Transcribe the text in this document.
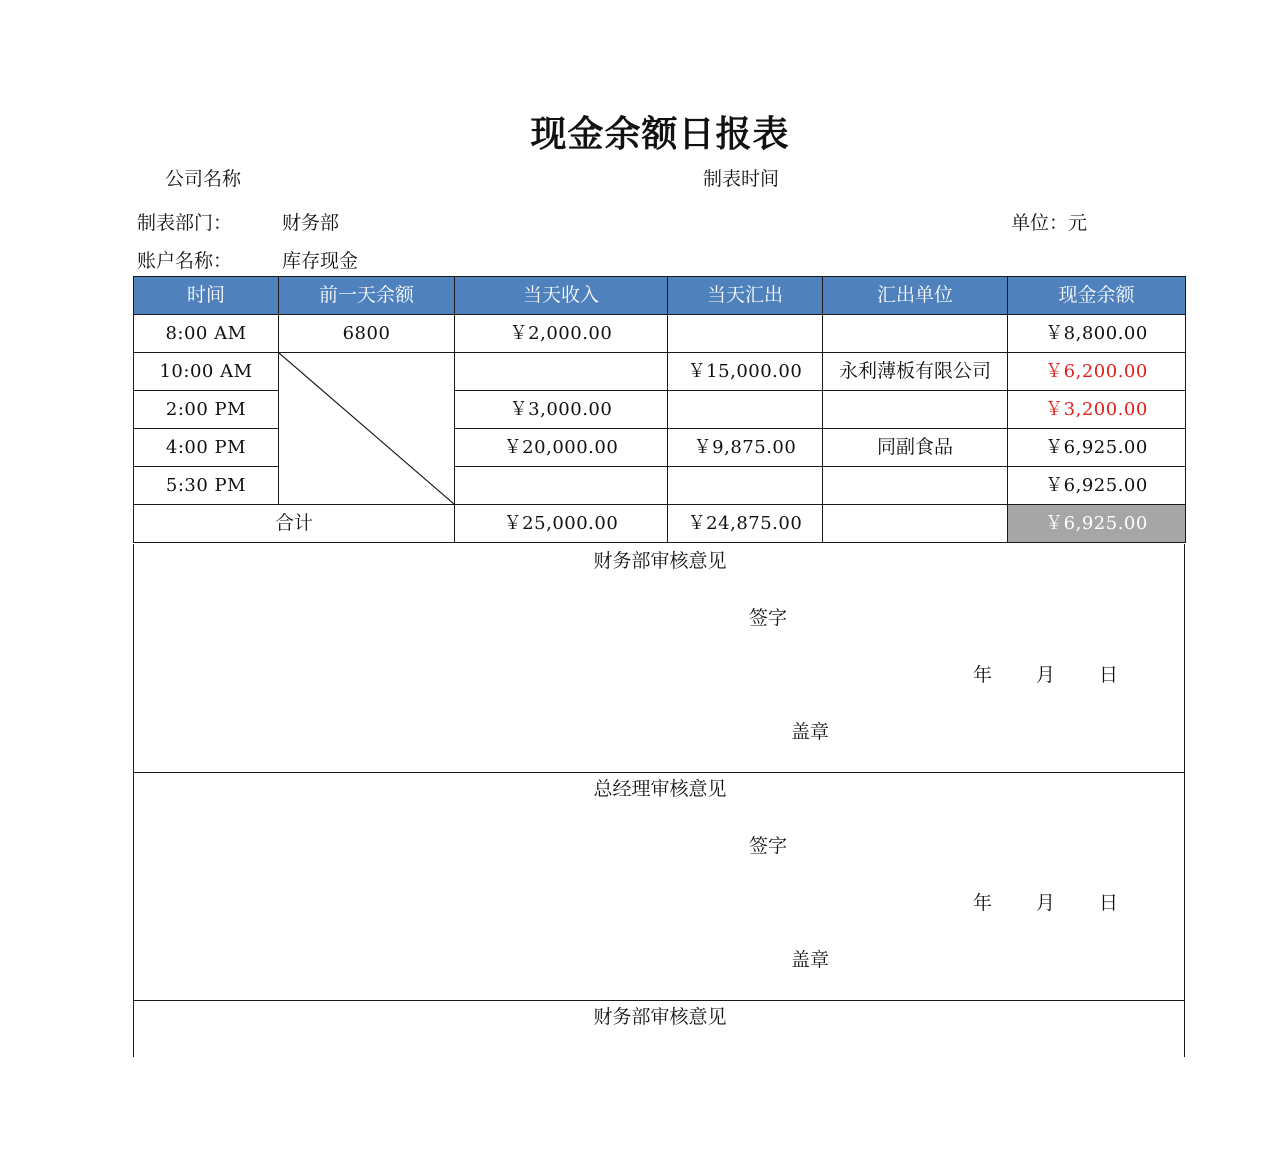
现金余额日报表
公司名称	制表时间
制表部门：	财务部	单位：元
账户名称：	库存现金
时间	前一天余额	当天收入	当天汇出	汇出单位	现金余额
8:00 AM	6800	￥2,000.00			￥8,800.00
10:00 AM			￥15,000.00	永利薄板有限公司	￥6,200.00
2:00 PM		￥3,000.00			￥3,200.00
4:00 PM		￥20,000.00	￥9,875.00	同副食品	￥6,925.00
5:30 PM					￥6,925.00
合计		￥25,000.00	￥24,875.00		￥6,925.00
财务部审核意见
签字
年 月 日
盖章
总经理审核意见
签字
年 月 日
盖章
财务部审核意见
